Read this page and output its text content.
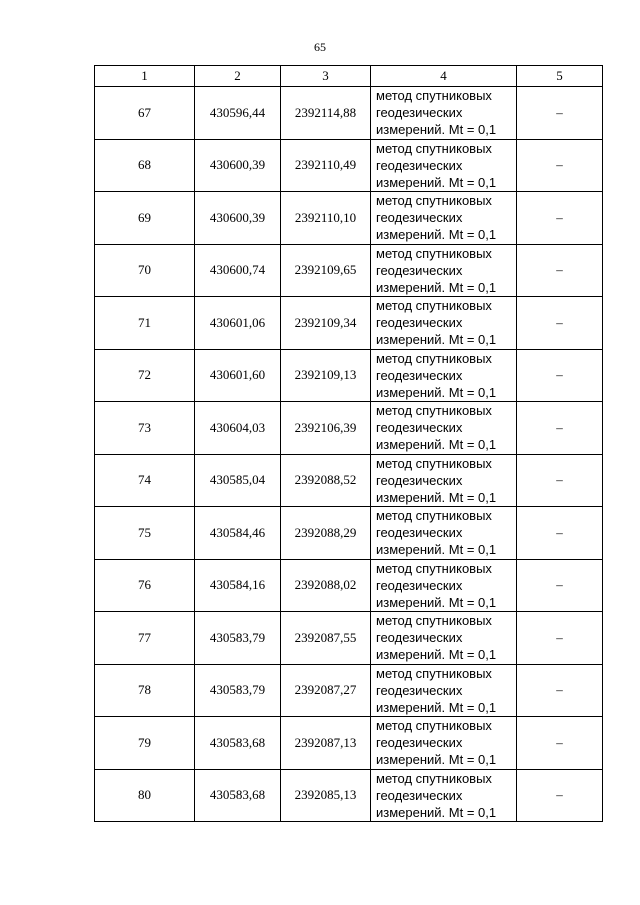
65
1	2	3	4	5
67	430596,44	2392114,88	метод спутниковых
геодезических
измерений. Mt = 0,1	–
68	430600,39	2392110,49	метод спутниковых
геодезических
измерений. Mt = 0,1	–
69	430600,39	2392110,10	метод спутниковых
геодезических
измерений. Mt = 0,1	–
70	430600,74	2392109,65	метод спутниковых
геодезических
измерений. Mt = 0,1	–
71	430601,06	2392109,34	метод спутниковых
геодезических
измерений. Mt = 0,1	–
72	430601,60	2392109,13	метод спутниковых
геодезических
измерений. Mt = 0,1	–
73	430604,03	2392106,39	метод спутниковых
геодезических
измерений. Mt = 0,1	–
74	430585,04	2392088,52	метод спутниковых
геодезических
измерений. Mt = 0,1	–
75	430584,46	2392088,29	метод спутниковых
геодезических
измерений. Mt = 0,1	–
76	430584,16	2392088,02	метод спутниковых
геодезических
измерений. Mt = 0,1	–
77	430583,79	2392087,55	метод спутниковых
геодезических
измерений. Mt = 0,1	–
78	430583,79	2392087,27	метод спутниковых
геодезических
измерений. Mt = 0,1	–
79	430583,68	2392087,13	метод спутниковых
геодезических
измерений. Mt = 0,1	–
80	430583,68	2392085,13	метод спутниковых
геодезических
измерений. Mt = 0,1	–
